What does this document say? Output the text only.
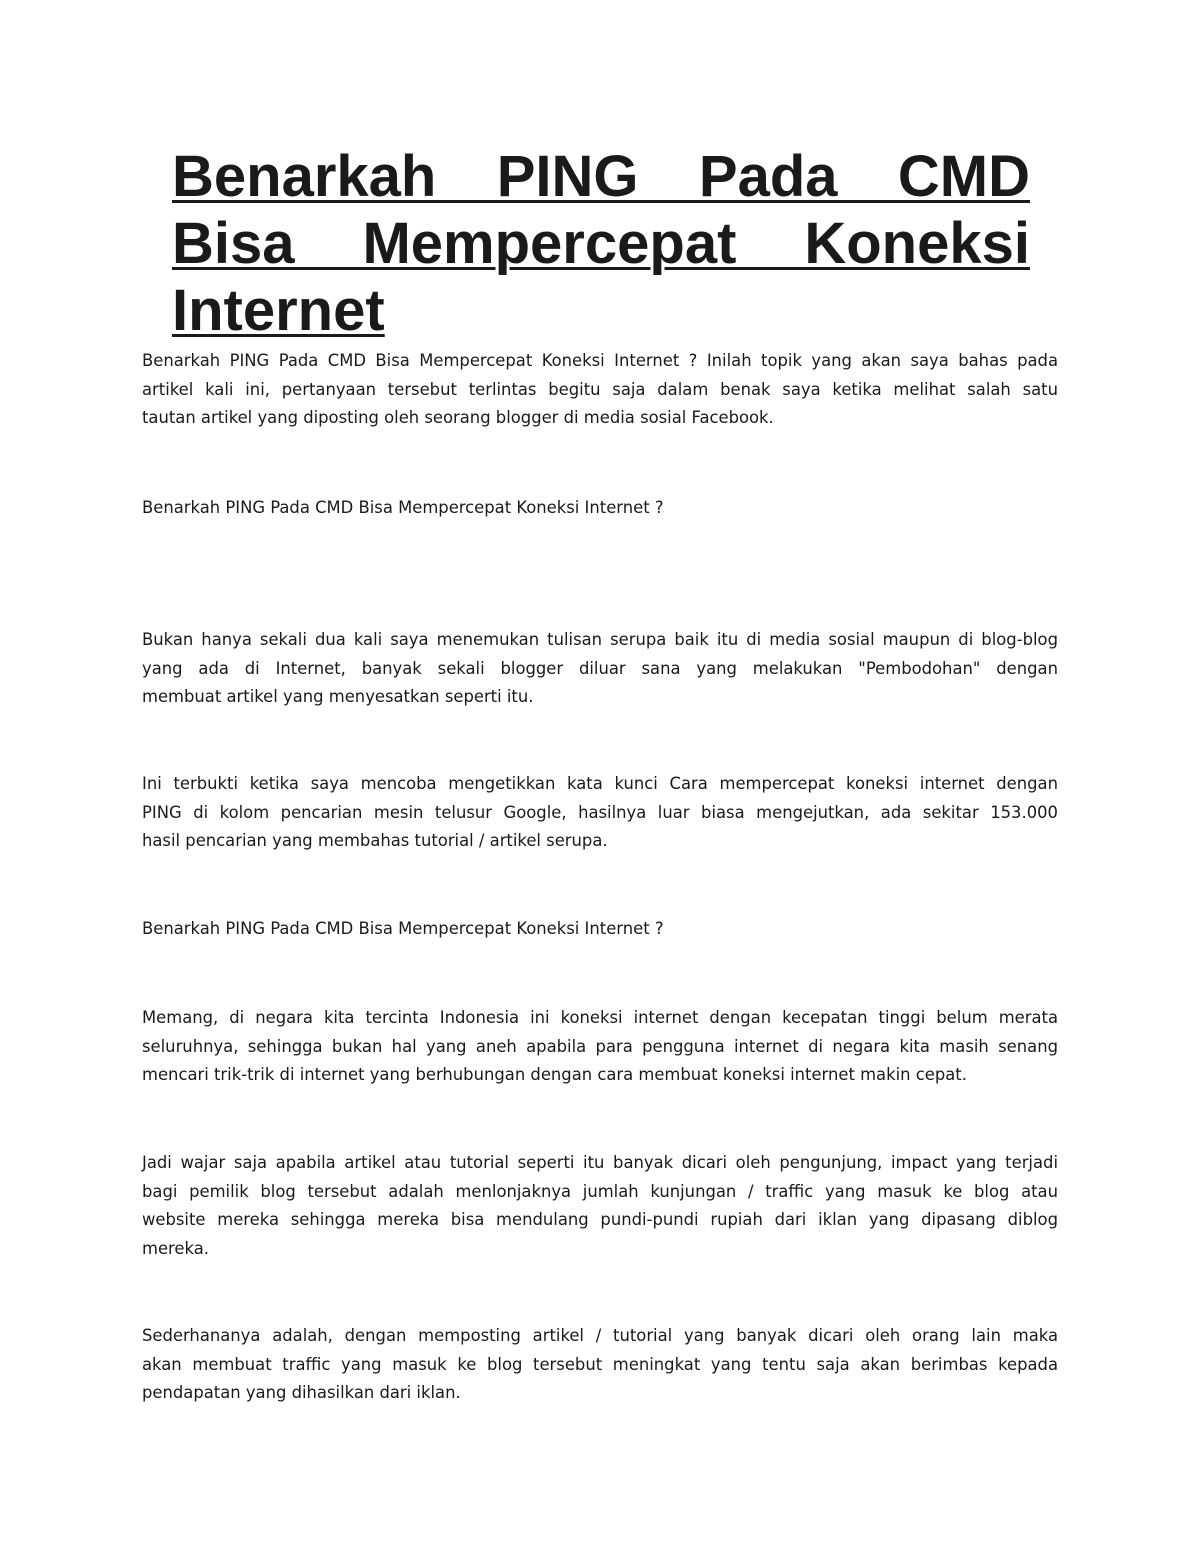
Benarkah PING Pada CMD
Bisa Mempercepat Koneksi
Internet
Benarkah PING Pada CMD Bisa Mempercepat Koneksi Internet ? Inilah topik yang akan saya bahas pada
artikel kali ini, pertanyaan tersebut terlintas begitu saja dalam benak saya ketika melihat salah satu
tautan artikel yang diposting oleh seorang blogger di media sosial Facebook.
Benarkah PING Pada CMD Bisa Mempercepat Koneksi Internet ?
Bukan hanya sekali dua kali saya menemukan tulisan serupa baik itu di media sosial maupun di blog-blog
yang ada di Internet, banyak sekali blogger diluar sana yang melakukan "Pembodohan" dengan
membuat artikel yang menyesatkan seperti itu.
Ini terbukti ketika saya mencoba mengetikkan kata kunci Cara mempercepat koneksi internet dengan
PING di kolom pencarian mesin telusur Google, hasilnya luar biasa mengejutkan, ada sekitar 153.000
hasil pencarian yang membahas tutorial / artikel serupa.
Benarkah PING Pada CMD Bisa Mempercepat Koneksi Internet ?
Memang, di negara kita tercinta Indonesia ini koneksi internet dengan kecepatan tinggi belum merata
seluruhnya, sehingga bukan hal yang aneh apabila para pengguna internet di negara kita masih senang
mencari trik-trik di internet yang berhubungan dengan cara membuat koneksi internet makin cepat.
Jadi wajar saja apabila artikel atau tutorial seperti itu banyak dicari oleh pengunjung, impact yang terjadi
bagi pemilik blog tersebut adalah menlonjaknya jumlah kunjungan / traffic yang masuk ke blog atau
website mereka sehingga mereka bisa mendulang pundi-pundi rupiah dari iklan yang dipasang diblog
mereka.
Sederhananya adalah, dengan memposting artikel / tutorial yang banyak dicari oleh orang lain maka
akan membuat traffic yang masuk ke blog tersebut meningkat yang tentu saja akan berimbas kepada
pendapatan yang dihasilkan dari iklan.
